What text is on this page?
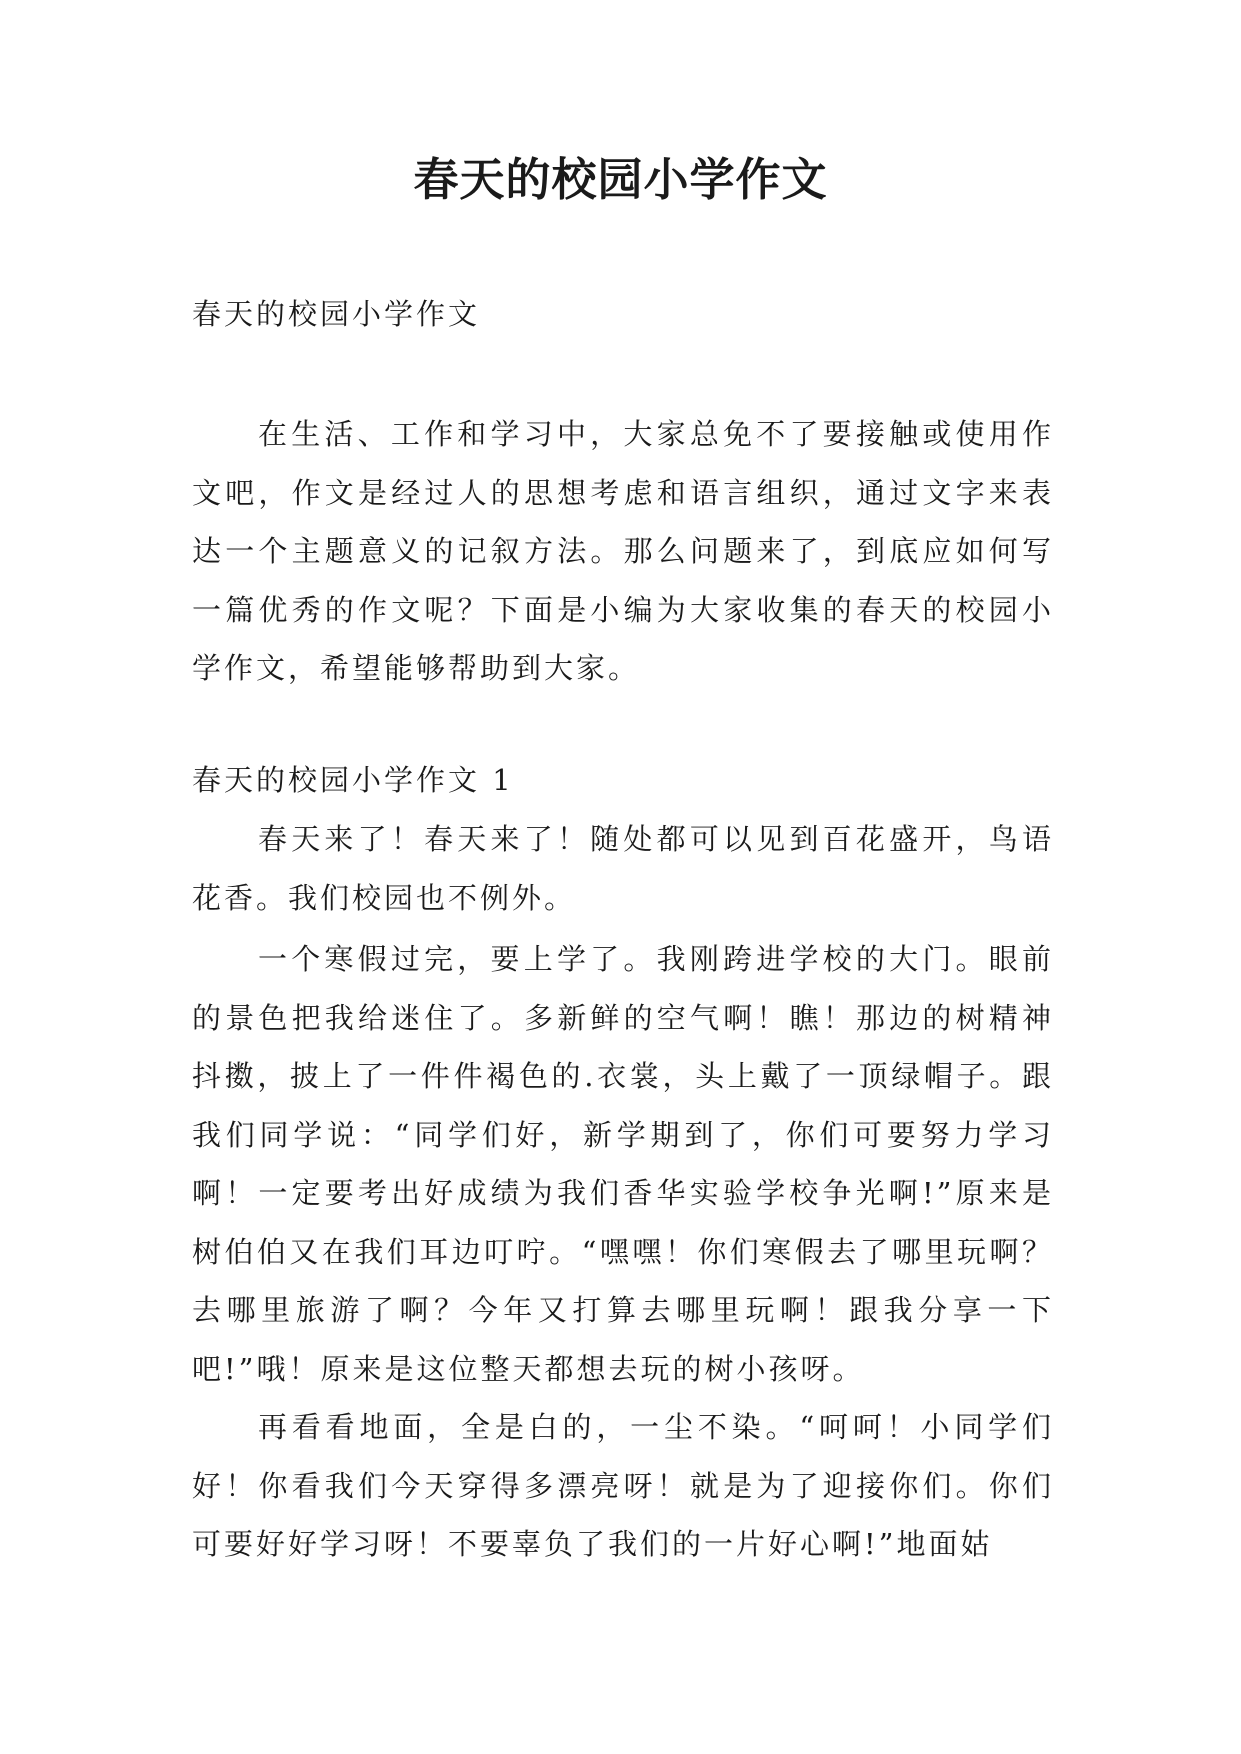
春天的校园小学作文
春天的校园小学作文

在生活、工作和学习中，大家总免不了要接触或使用作文吧，作文是经过人的思想考虑和语言组织，通过文字来表达一个主题意义的记叙方法。那么问题来了，到底应如何写一篇优秀的作文呢？下面是小编为大家收集的春天的校园小学作文，希望能够帮助到大家。

春天的校园小学作文 1

春天来了！春天来了！随处都可以见到百花盛开，鸟语花香。我们校园也不例外。

一个寒假过完，要上学了。我刚跨进学校的大门。眼前的景色把我给迷住了。多新鲜的空气啊！瞧！那边的树精神抖擞，披上了一件件褐色的.衣裳，头上戴了一顶绿帽子。跟我们同学说：“同学们好，新学期到了，你们可要努力学习啊！一定要考出好成绩为我们香华实验学校争光啊!”原来是树伯伯又在我们耳边叮咛。“嘿嘿！你们寒假去了哪里玩啊？去哪里旅游了啊？今年又打算去哪里玩啊！跟我分享一下吧!”哦！原来是这位整天都想去玩的树小孩呀。

再看看地面，全是白的，一尘不染。“呵呵！小同学们好！你看我们今天穿得多漂亮呀！就是为了迎接你们。你们可要好好学习呀！不要辜负了我们的一片好心啊!”地面姑
